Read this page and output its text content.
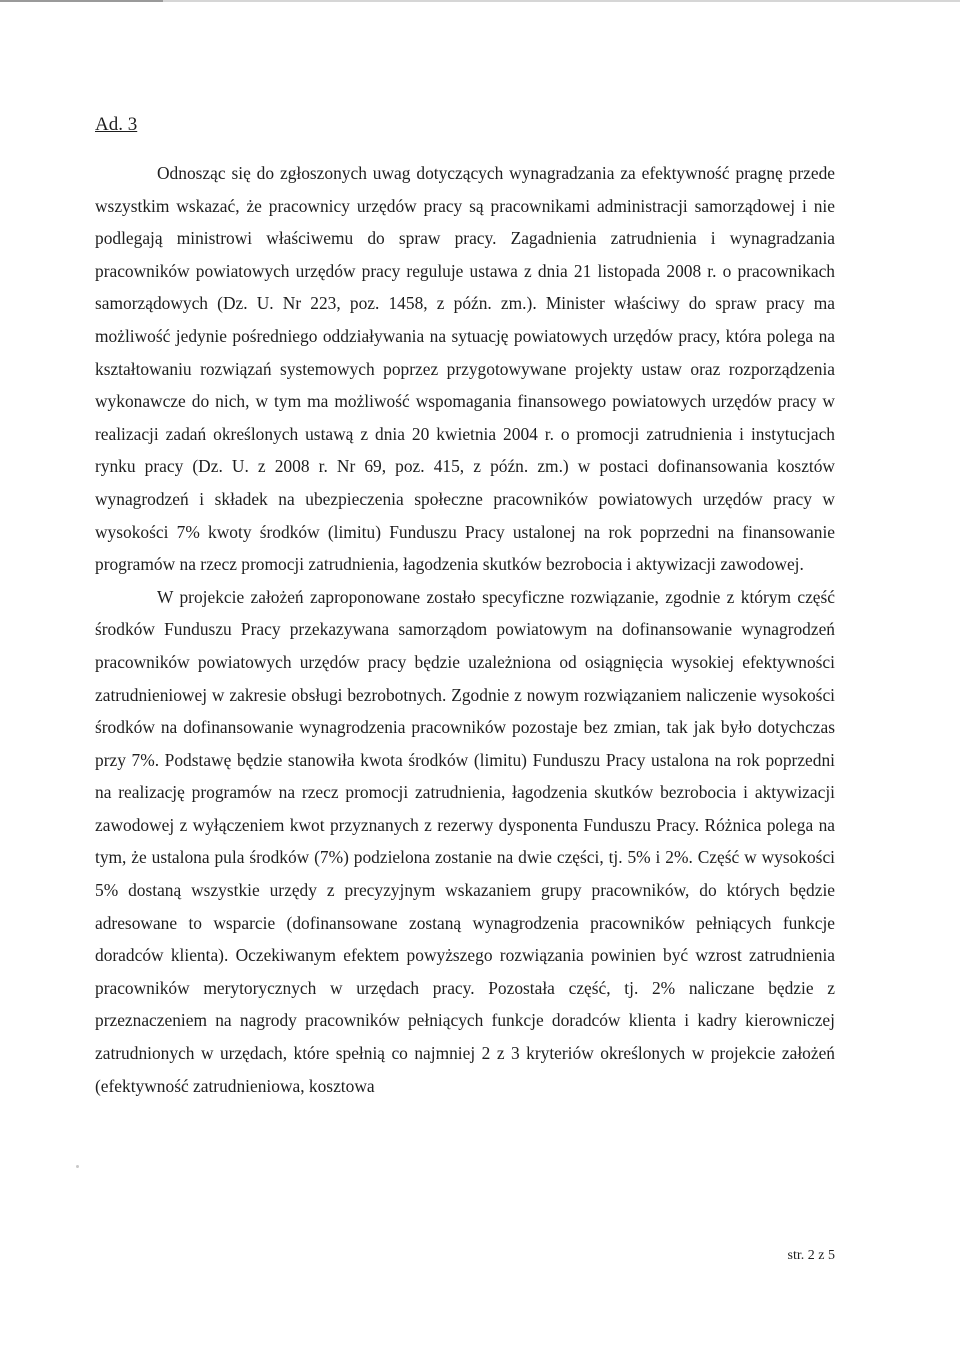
Ad. 3

Odnosząc się do zgłoszonych uwag dotyczących wynagradzania za efektywność pragnę przede wszystkim wskazać, że pracownicy urzędów pracy są pracownikami administracji samorządowej i nie podlegają ministrowi właściwemu do spraw pracy. Zagadnienia zatrudnienia i wynagradzania pracowników powiatowych urzędów pracy reguluje ustawa z dnia 21 listopada 2008 r. o pracownikach samorządowych (Dz. U. Nr 223, poz. 1458, z późn. zm.). Minister właściwy do spraw pracy ma możliwość jedynie pośredniego oddziaływania na sytuację powiatowych urzędów pracy, która polega na kształtowaniu rozwiązań systemowych poprzez przygotowywane projekty ustaw oraz rozporządzenia wykonawcze do nich, w tym ma możliwość wspomagania finansowego powiatowych urzędów pracy w realizacji zadań określonych ustawą z dnia 20 kwietnia 2004 r. o promocji zatrudnienia i instytucjach rynku pracy (Dz. U. z 2008 r. Nr 69, poz. 415, z późn. zm.) w postaci dofinansowania kosztów wynagrodzeń i składek na ubezpieczenia społeczne pracowników powiatowych urzędów pracy w wysokości 7% kwoty środków (limitu) Funduszu Pracy ustalonej na rok poprzedni na finansowanie programów na rzecz promocji zatrudnienia, łagodzenia skutków bezrobocia i aktywizacji zawodowej.

W projekcie założeń zaproponowane zostało specyficzne rozwiązanie, zgodnie z którym część środków Funduszu Pracy przekazywana samorządom powiatowym na dofinansowanie wynagrodzeń pracowników powiatowych urzędów pracy będzie uzależniona od osiągnięcia wysokiej efektywności zatrudnieniowej w zakresie obsługi bezrobotnych. Zgodnie z nowym rozwiązaniem naliczenie wysokości środków na dofinansowanie wynagrodzenia pracowników pozostaje bez zmian, tak jak było dotychczas przy 7%. Podstawę będzie stanowiła kwota środków (limitu) Funduszu Pracy ustalona na rok poprzedni na realizację programów na rzecz promocji zatrudnienia, łagodzenia skutków bezrobocia i aktywizacji zawodowej z wyłączeniem kwot przyznanych z rezerwy dysponenta Funduszu Pracy. Różnica polega na tym, że ustalona pula środków (7%) podzielona zostanie na dwie części, tj. 5% i 2%. Część w wysokości 5% dostaną wszystkie urzędy z precyzyjnym wskazaniem grupy pracowników, do których będzie adresowane to wsparcie (dofinansowane zostaną wynagrodzenia pracowników pełniących funkcje doradców klienta). Oczekiwanym efektem powyższego rozwiązania powinien być wzrost zatrudnienia pracowników merytorycznych w urzędach pracy. Pozostała część, tj. 2% naliczane będzie z przeznaczeniem na nagrody pracowników pełniących funkcje doradców klienta i kadry kierowniczej zatrudnionych w urzędach, które spełnią co najmniej 2 z 3 kryteriów określonych w projekcie założeń (efektywność zatrudnieniowa, kosztowa

str. 2 z 5
